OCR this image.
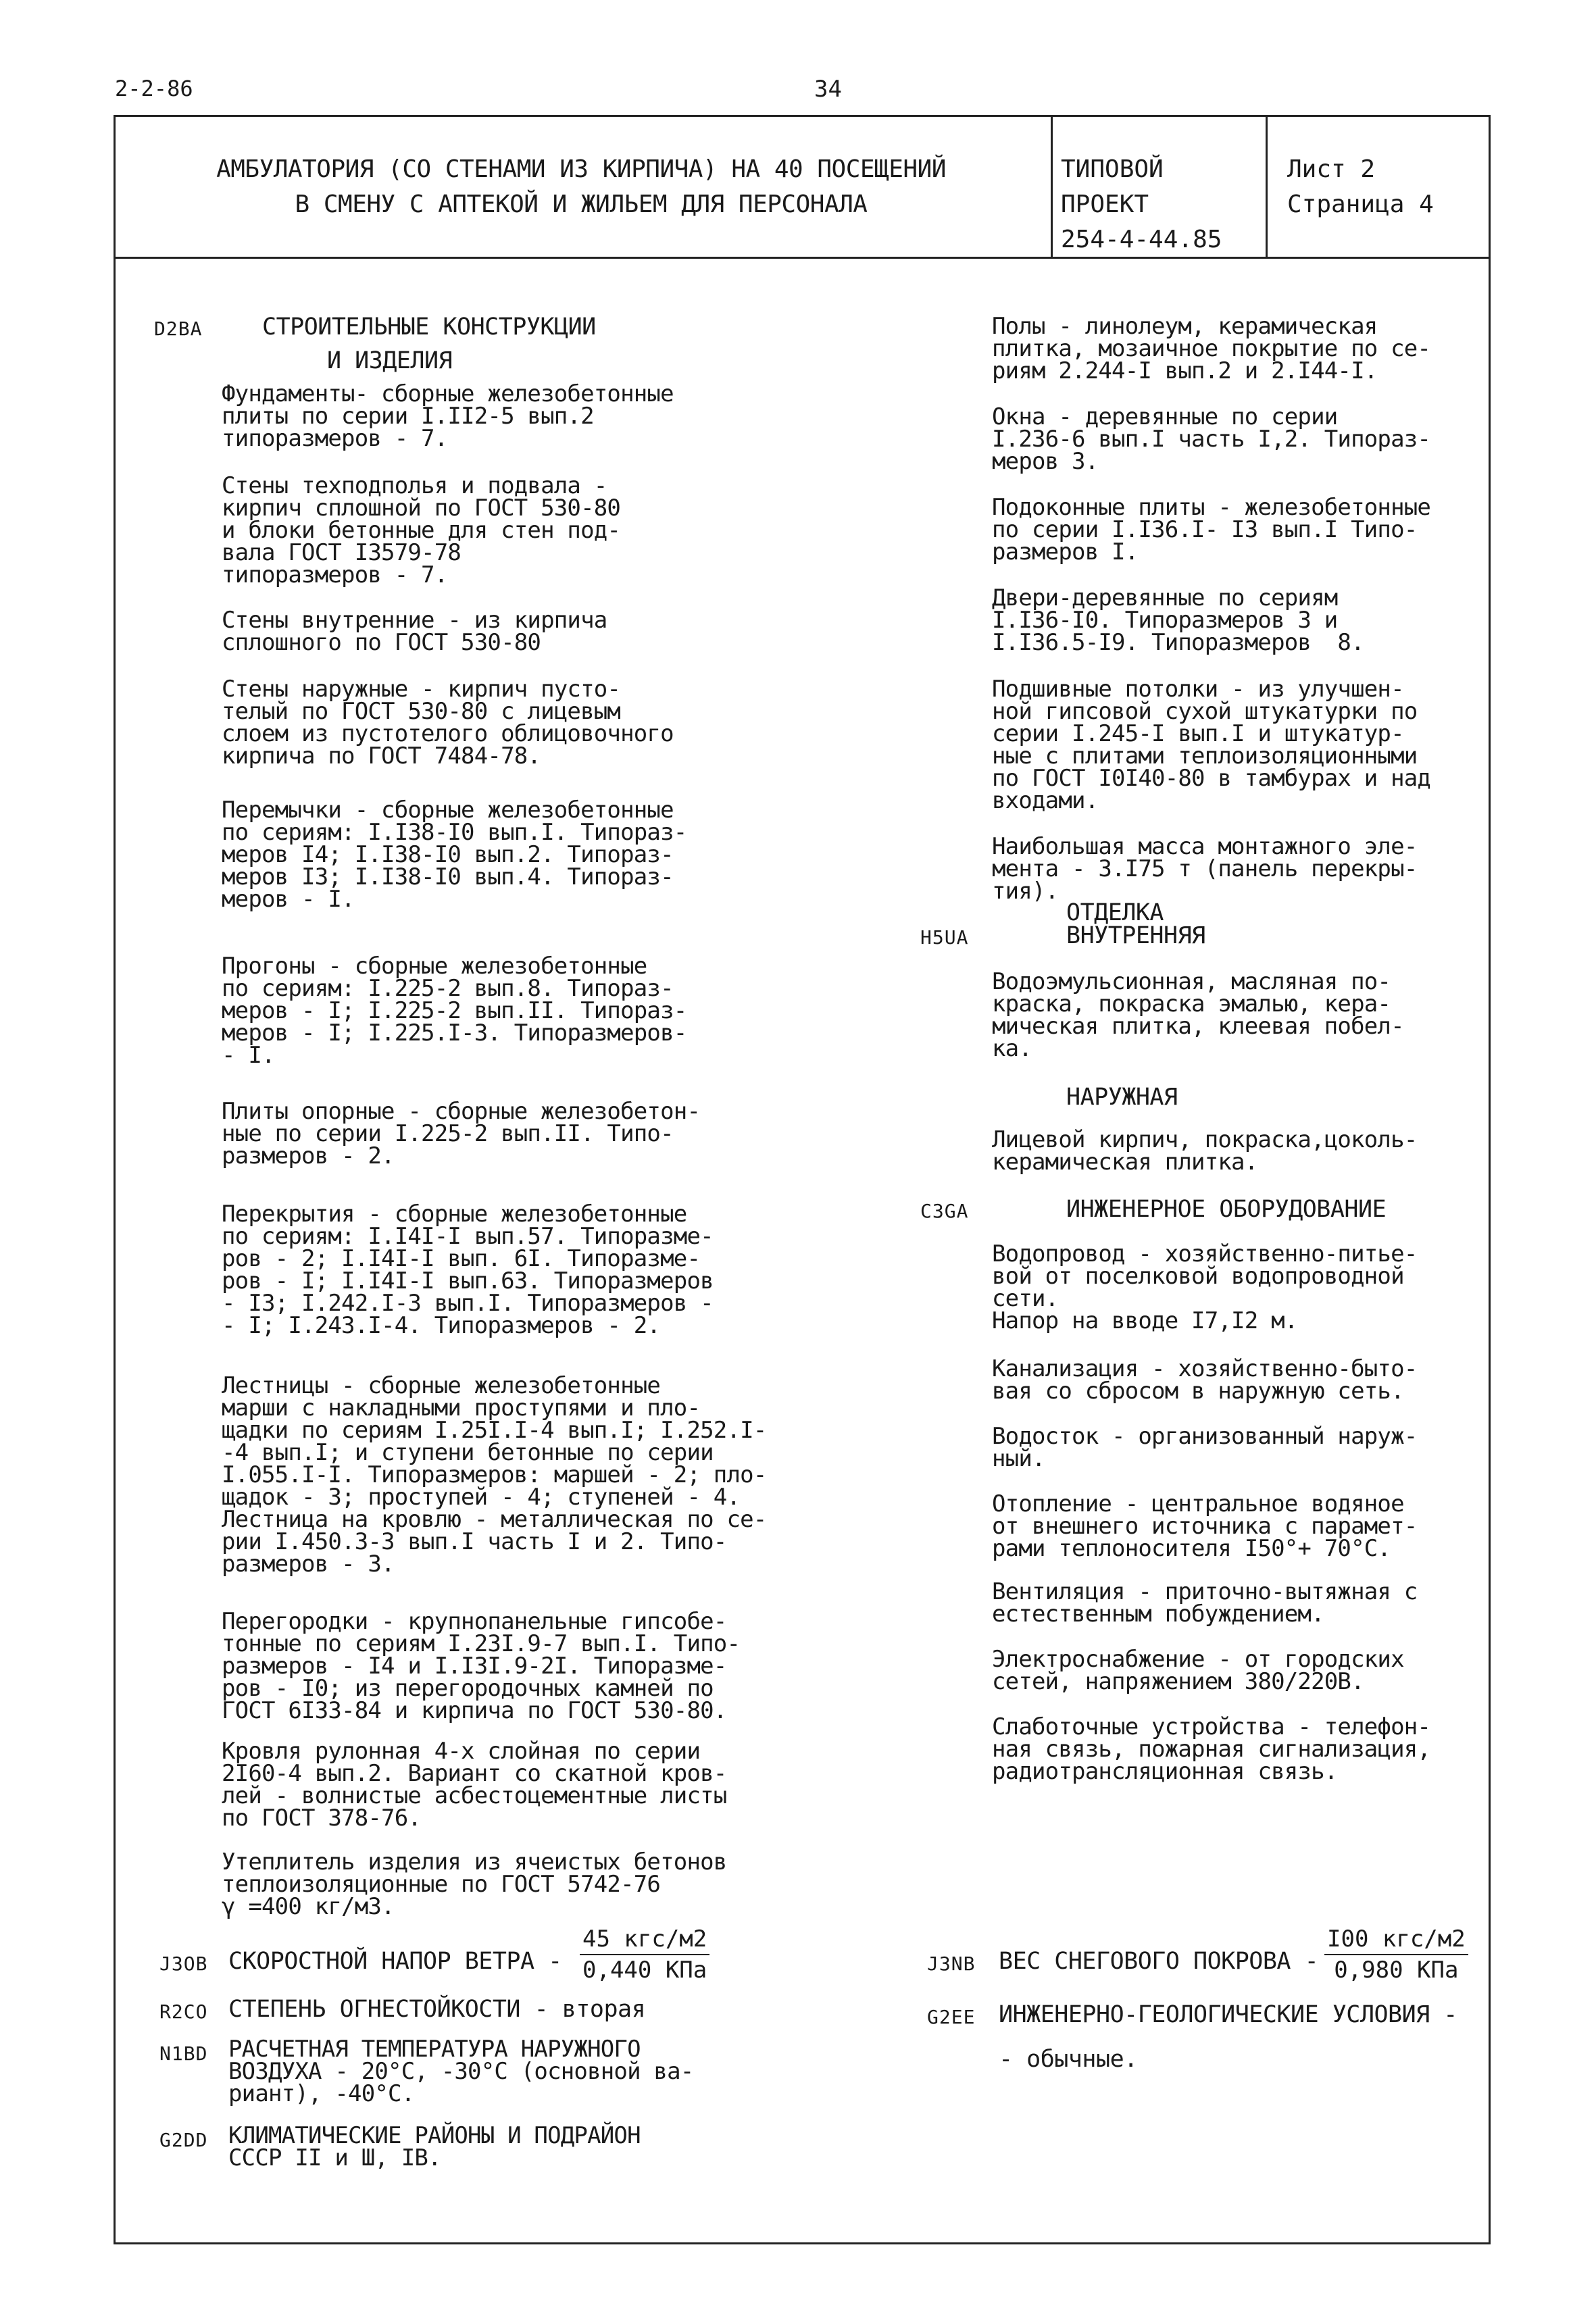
2-2-86	34
АМБУЛАТОРИЯ (СО СТЕНАМИ ИЗ КИРПИЧА) НА 40 ПОСЕЩЕНИЙ
В СМЕНУ С АПТЕКОЙ И ЖИЛЬЕМ ДЛЯ ПЕРСОНАЛА
ТИПОВОЙ ПРОЕКТ
254-4-44.85
Лист 2
Страница 4
D2BA	СТРОИТЕЛЬНЫЕ КОНСТРУКЦИИ
И ИЗДЕЛИЯ
Фундаменты- сборные железобетонные
плиты по серии I.II2-5 вып.2
типоразмеров - 7.
Стены техподполья и подвала -
кирпич сплошной по ГОСТ 530-80
и блоки бетонные для стен под-
вала ГОСТ I3579-78
типоразмеров - 7.
Стены внутренние - из кирпича
сплошного по ГОСТ 530-80
Стены наружные - кирпич пусто-
телый по ГОСТ 530-80 с лицевым
слоем из пустотелого облицовочного
кирпича по ГОСТ 7484-78.
Перемычки - сборные железобетонные
по сериям: I.I38-I0 вып.I. Типораз-
меров I4; I.I38-I0 вып.2. Типораз-
меров I3; I.I38-I0 вып.4. Типораз-
меров - I.
Прогоны - сборные железобетонные
по сериям: I.225-2 вып.8. Типораз-
меров - I; I.225-2 вып.II. Типораз-
меров - I; I.225.I-3. Типоразмеров-
- I.
Плиты опорные - сборные железобетон-
ные по серии I.225-2 вып.II. Типо-
размеров - 2.
Перекрытия - сборные железобетонные
по сериям: I.I4I-I вып.57. Типоразме-
ров - 2; I.I4I-I вып. 6I. Типоразме-
ров - I; I.I4I-I вып.63. Типоразмеров
- I3; I.242.I-3 вып.I. Типоразмеров -
- I; I.243.I-4. Типоразмеров - 2.
Лестницы - сборные железобетонные
марши с накладными проступями и пло-
щадки по сериям I.25I.I-4 вып.I; I.252.I-
-4 вып.I; и ступени бетонные по серии
I.055.I-I. Типоразмеров: маршей - 2; пло-
щадок - 3; проступей - 4; ступеней - 4.
Лестница на кровлю - металлическая по се-
рии I.450.3-3 вып.I часть I и 2. Типо-
размеров - 3.
Перегородки - крупнопанельные гипсобе-
тонные по сериям I.23I.9-7 вып.I. Типо-
размеров - I4 и I.I3I.9-2I. Типоразме-
ров - I0; из перегородочных камней по
ГОСТ 6I33-84 и кирпича по ГОСТ 530-80.
Кровля рулонная 4-х слойная по серии
2I60-4 вып.2. Вариант со скатной кров-
лей - волнистые асбестоцементные листы
по ГОСТ 378-76.
Утеплитель изделия из ячеистых бетонов
теплоизоляционные по ГОСТ 5742-76
γ =400 кг/м3.
Полы - линолеум, керамическая
плитка, мозаичное покрытие по се-
риям 2.244-I вып.2 и 2.I44-I.
Окна - деревянные по серии
I.236-6 вып.I часть I,2. Типораз-
меров 3.
Подоконные плиты - железобетонные
по серии I.I36.I- I3 вып.I Типо-
размеров I.
Двери-деревянные по сериям
I.I36-I0. Типоразмеров 3 и
I.I36.5-I9. Типоразмеров  8.
Подшивные потолки - из улучшен-
ной гипсовой сухой штукатурки по
серии I.245-I вып.I и штукатур-
ные с плитами теплоизоляционными
по ГОСТ I0I40-80 в тамбурах и над
входами.
Наибольшая масса монтажного эле-
мента - 3.I75 т (панель перекры-
тия).
ОТДЕЛКА
H5UA	ВНУТРЕННЯЯ
Водоэмульсионная, масляная по-
краска, покраска эмалью, кера-
мическая плитка, клеевая побел-
ка.
НАРУЖНАЯ
Лицевой кирпич, покраска,цоколь-
керамическая плитка.
C3GA	ИНЖЕНЕРНОЕ ОБОРУДОВАНИЕ
Водопровод - хозяйственно-питье-
вой от поселковой водопроводной
сети.
Напор на вводе I7,I2 м.
Канализация - хозяйственно-быто-
вая со сбросом в наружную сеть.
Водосток - организованный наруж-
ный.
Отопление - центральное водяное
от внешнего источника с парамет-
рами теплоносителя I50°+ 70°С.
Вентиляция - приточно-вытяжная с
естественным побуждением.
Электроснабжение - от городских
сетей, напряжением 380/220В.
Слаботочные устройства - телефон-
ная связь, пожарная сигнализация,
радиотрансляционная связь.
J3OB СКОРОСТНОЙ НАПОР ВЕТРА -
45 кгс/м2
0,440 КПа	J3NB ВЕС СНЕГОВОГО ПОКРОВА -
I00 кгс/м2
0,980 КПа
R2CO СТЕПЕНЬ ОГНЕСТОЙКОСТИ - вторая	G2EE ИНЖЕНЕРНО-ГЕОЛОГИЧЕСКИЕ УСЛОВИЯ -
- обычные.
N1BD РАСЧЕТНАЯ ТЕМПЕРАТУРА НАРУЖНОГО
ВОЗДУХА - 20°С, -30°С (основной ва-
риант), -40°С.
G2DD КЛИМАТИЧЕСКИЕ РАЙОНЫ И ПОДРАЙОН
СССР II и Ш, IВ.
